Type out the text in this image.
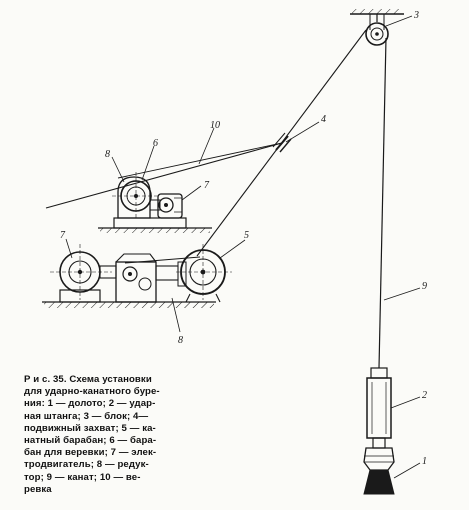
3
4
10
8
6
7
7	5
8
9
2
1
Р и с. 35. Схема установки
для ударно-канатного буре-
ния: 1 — долото; 2 — удар-
ная штанга; 3 — блок; 4—
подвижный захват; 5 — ка-
натный барабан; 6 — бара-
бан для веревки; 7 — элек-
тродвигатель; 8 — редук-
тор; 9 — канат; 10 — ве-
ревка
